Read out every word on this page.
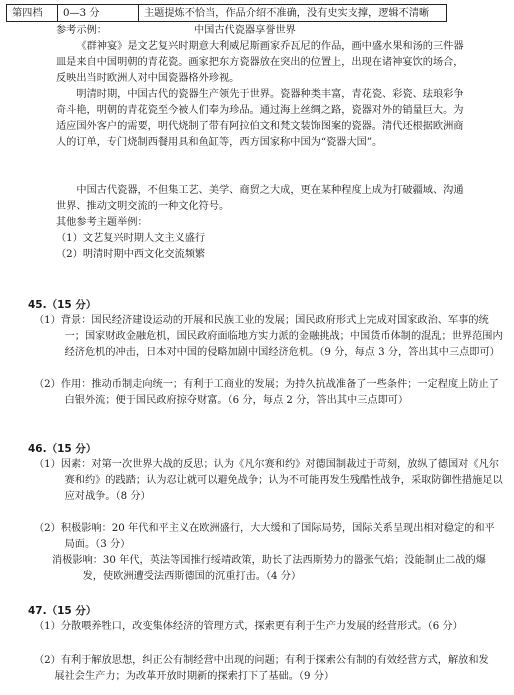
第四档	0—3 分	主题提炼不恰当，作品介绍不准确，没有史实支撑，逻辑不清晰
参考示例：	中国古代瓷器享誉世界
《群神宴》是文艺复兴时期意大利威尼斯画家乔瓦尼的作品，画中盛水果和汤的三件器皿是来自中国明朝的青花瓷。画家把东方瓷器放在突出的位置上，出现在诸神宴饮的场合，反映出当时欧洲人对中国瓷器格外珍视。
明清时期，中国古代的瓷器生产领先于世界。瓷器种类丰富，青花瓷、彩瓷、珐琅彩争奇斗艳，明朝的青花瓷至今被人们奉为珍品。通过海上丝绸之路，瓷器对外的销量巨大。为适应国外客户的需要，明代烧制了带有阿拉伯文和梵文装饰图案的瓷器。清代还根据欧洲商人的订单，专门烧制西餐用具和鱼缸等，西方国家称中国为“瓷器大国”。
中国古代瓷器，不但集工艺、美学、商贸之大成，更在某种程度上成为打破疆域、沟通世界、推动文明交流的一种文化符号。
其他参考主题举例：
（1）文艺复兴时期人文主义盛行
（2）明清时期中西文化交流频繁
45.（15 分）
（1）背景：国民经济建设运动的开展和民族工业的发展；国民政府形式上完成对国家政治、军事的统一；国家财政金融危机，国民政府面临地方实力派的金融挑战；中国货币体制的混乱；世界范围内经济危机的冲击，日本对中国的侵略加剧中国经济危机。（9 分，每点 3 分，答出其中三点即可）
（2）作用：推动币制走向统一；有利于工商业的发展；为持久抗战准备了一些条件；一定程度上防止了白银外流；便于国民政府掠夺财富。（6 分，每点 2 分，答出其中三点即可）
46.（15 分）
（1）因素：对第一次世界大战的反思；认为《凡尔赛和约》对德国制裁过于苛刻，放纵了德国对《凡尔赛和约》的践踏；认为忍让就可以避免战争；认为不可能再发生残酷性战争，采取防御性措施足以应对战争。（8 分）
（2）积极影响：20 年代和平主义在欧洲盛行，大大缓和了国际局势，国际关系呈现出相对稳定的和平局面。（3 分）
消极影响：30 年代，英法等国推行绥靖政策，助长了法西斯势力的嚣张气焰；没能制止二战的爆发，使欧洲遭受法西斯德国的沉重打击。（4 分）
47.（15 分）
（1）分散喂养牲口，改变集体经济的管理方式，探索更有利于生产力发展的经营形式。（6 分）
（2）有利于解放思想，纠正公有制经营中出现的问题；有利于探索公有制的有效经营方式，解放和发展社会生产力；为改革开放时期新的探索打下了基础。（9 分）
